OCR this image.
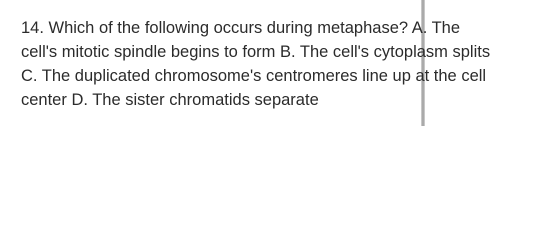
14. Which of the following occurs during metaphase? A. The
cell's mitotic spindle begins to form B. The cell's cytoplasm splits
C. The duplicated chromosome's centromeres line up at the cell
center D. The sister chromatids separate
